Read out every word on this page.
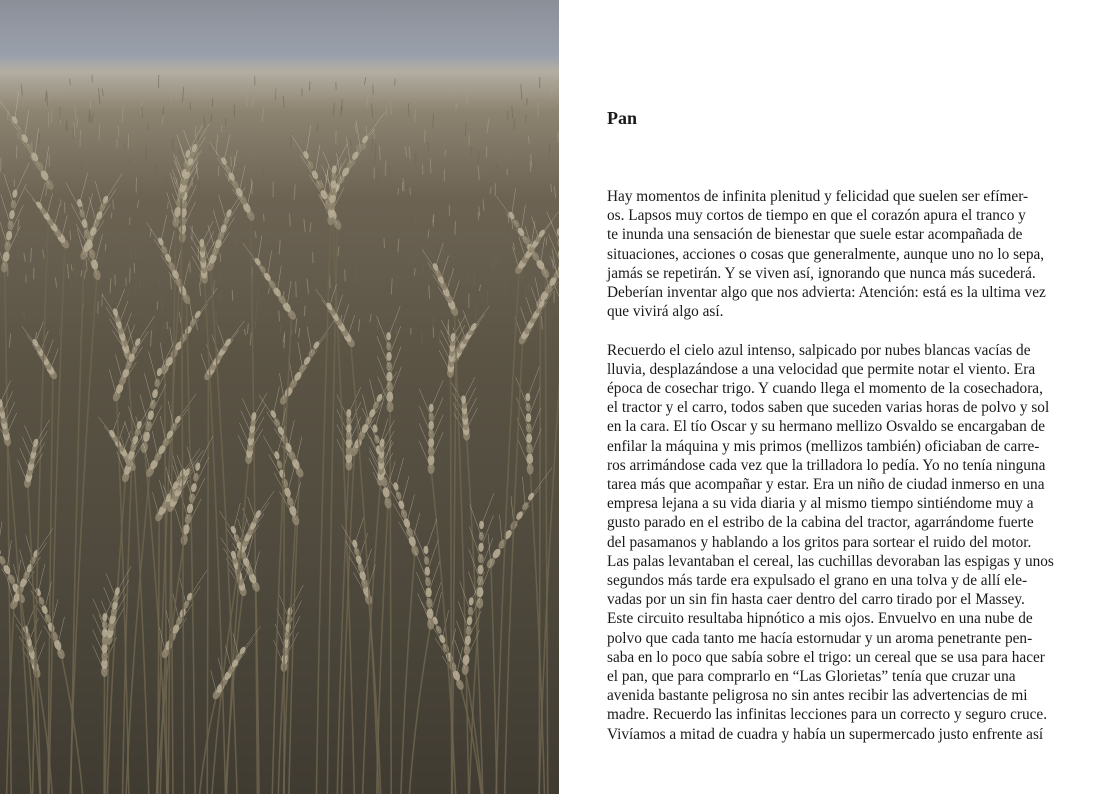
Pan

Hay momentos de infinita plenitud y felicidad que suelen ser efímer-
os. Lapsos muy cortos de tiempo en que el corazón apura el tranco y
te inunda una sensación de bienestar que suele estar acompañada de
situaciones, acciones o cosas que generalmente, aunque uno no lo sepa,
jamás se repetirán. Y se viven así, ignorando que nunca más sucederá.
Deberían inventar algo que nos advierta: Atención: está es la ultima vez
que vivirá algo así.

Recuerdo el cielo azul intenso, salpicado por nubes blancas vacías de
lluvia, desplazándose a una velocidad que permite notar el viento. Era
época de cosechar trigo. Y cuando llega el momento de la cosechadora,
el tractor y el carro, todos saben que suceden varias horas de polvo y sol
en la cara. El tío Oscar y su hermano mellizo Osvaldo se encargaban de
enfilar la máquina y mis primos (mellizos también) oficiaban de carre-
ros arrimándose cada vez que la trilladora lo pedía. Yo no tenía ninguna
tarea más que acompañar y estar. Era un niño de ciudad inmerso en una
empresa lejana a su vida diaria y al mismo tiempo sintiéndome muy a
gusto parado en el estribo de la cabina del tractor, agarrándome fuerte
del pasamanos y hablando a los gritos para sortear el ruido del motor.
Las palas levantaban el cereal, las cuchillas devoraban las espigas y unos
segundos más tarde era expulsado el grano en una tolva y de allí ele-
vadas por un sin fin hasta caer dentro del carro tirado por el Massey.
Este circuito resultaba hipnótico a mis ojos. Envuelvo en una nube de
polvo que cada tanto me hacía estornudar y un aroma penetrante pen-
saba en lo poco que sabía sobre el trigo: un cereal que se usa para hacer
el pan, que para comprarlo en “Las Glorietas” tenía que cruzar una
avenida bastante peligrosa no sin antes recibir las advertencias de mi
madre. Recuerdo las infinitas lecciones para un correcto y seguro cruce.
Vivíamos a mitad de cuadra y había un supermercado justo enfrente así
